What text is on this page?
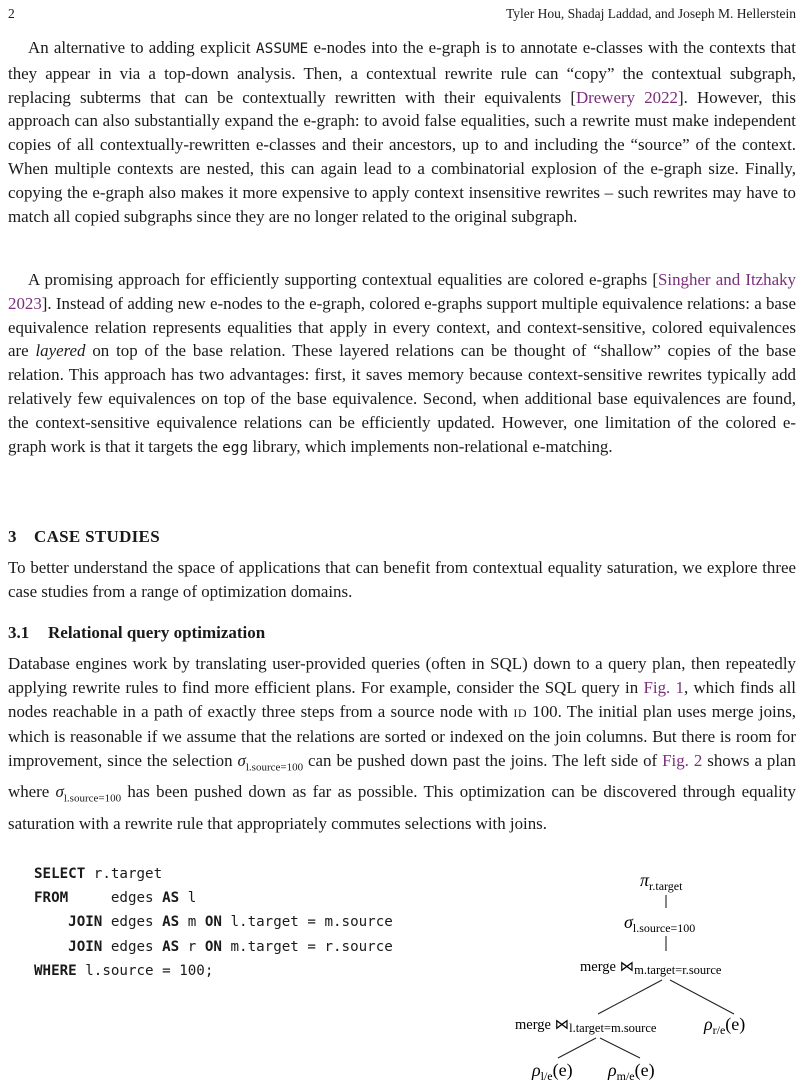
2	Tyler Hou, Shadaj Laddad, and Joseph M. Hellerstein
An alternative to adding explicit ASSUME e-nodes into the e-graph is to annotate e-classes with the contexts that they appear in via a top-down analysis. Then, a contextual rewrite rule can “copy” the contextual subgraph, replacing subterms that can be contextually rewritten with their equivalents [Drewery 2022]. However, this approach can also substantially expand the e-graph: to avoid false equalities, such a rewrite must make independent copies of all contextually-rewritten e-classes and their ancestors, up to and including the “source” of the context. When multiple contexts are nested, this can again lead to a combinatorial explosion of the e-graph size. Finally, copying the e-graph also makes it more expensive to apply context insensitive rewrites – such rewrites may have to match all copied subgraphs since they are no longer related to the original subgraph.
A promising approach for efficiently supporting contextual equalities are colored e-graphs [Singher and Itzhaky 2023]. Instead of adding new e-nodes to the e-graph, colored e-graphs support multiple equivalence relations: a base equivalence relation represents equalities that apply in every context, and context-sensitive, colored equivalences are layered on top of the base relation. These layered relations can be thought of “shallow” copies of the base relation. This approach has two advantages: first, it saves memory because context-sensitive rewrites typically add relatively few equivalences on top of the base equivalence. Second, when additional base equivalences are found, the context-sensitive equivalence relations can be efficiently updated. However, one limitation of the colored e-graph work is that it targets the egg library, which implements non-relational e-matching.
3 CASE STUDIES
To better understand the space of applications that can benefit from contextual equality saturation, we explore three case studies from a range of optimization domains.
3.1 Relational query optimization
Database engines work by translating user-provided queries (often in SQL) down to a query plan, then repeatedly applying rewrite rules to find more efficient plans. For example, consider the SQL query in Fig. 1, which finds all nodes reachable in a path of exactly three steps from a source node with ID 100. The initial plan uses merge joins, which is reasonable if we assume that the relations are sorted or indexed on the join columns. But there is room for improvement, since the selection $\sigma_{l.source=100}$ can be pushed down past the joins. The left side of Fig. 2 shows a plan where $\sigma_{l.source=100}$ has been pushed down as far as possible. This optimization can be discovered through equality saturation with a rewrite rule that appropriately commutes selections with joins.
SELECT r.target
FROM     edges AS l
JOIN edges AS m ON l.target = m.source
JOIN edges AS r ON m.target = r.source
WHERE l.source = 100;
$\pi_{r.target}$
$\sigma_{l.source=100}$
merge ⋈m.target=r.source
merge ⋈l.target=m.source	$\rho_{r/e}(e)$
$\rho_{l/e}(e)$ $\rho_{m/e}(e)$
